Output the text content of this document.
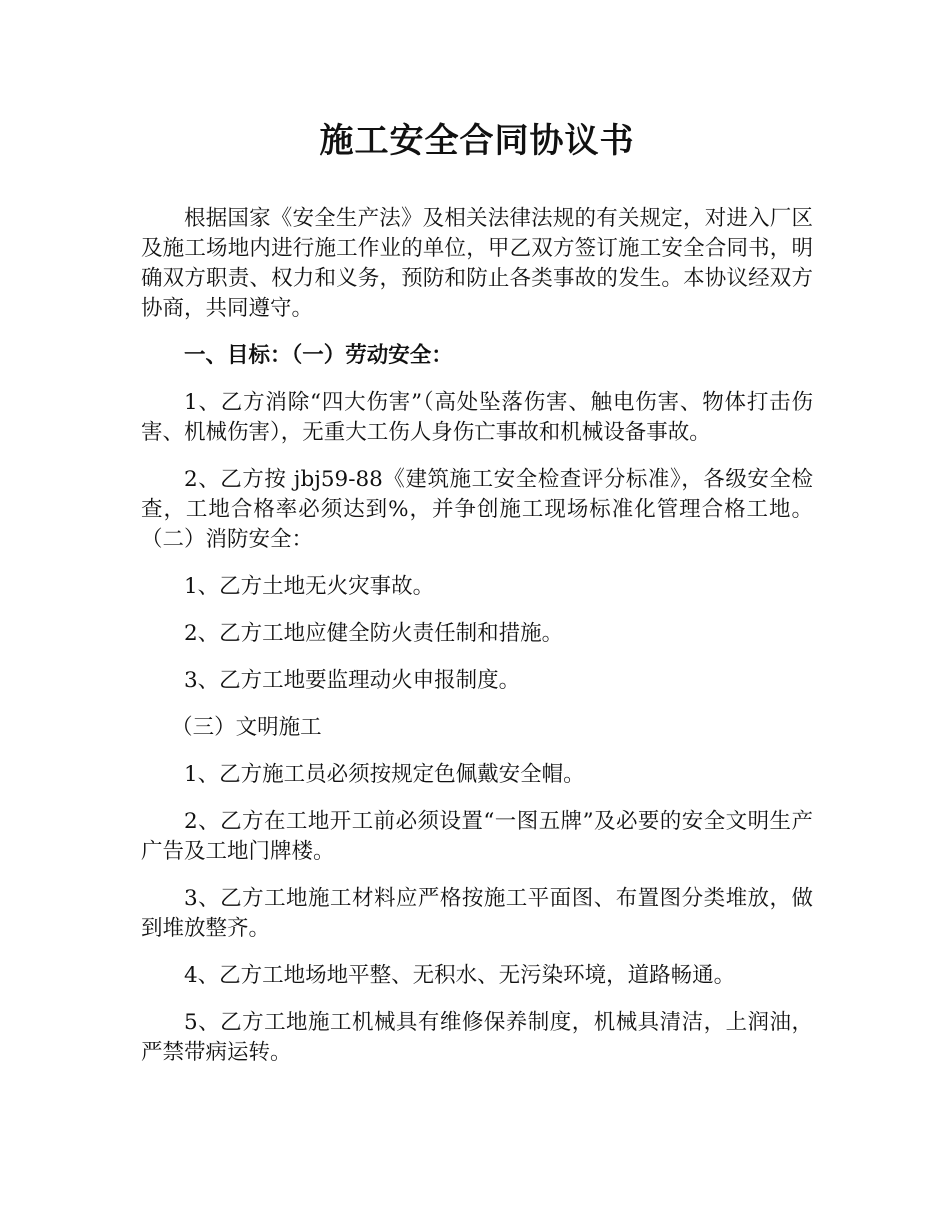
施工安全合同协议书

根据国家《安全生产法》及相关法律法规的有关规定，对进入厂区及施工场地内进行施工作业的单位，甲乙双方签订施工安全合同书，明确双方职责、权力和义务，预防和防止各类事故的发生。本协议经双方协商，共同遵守。

一、目标：（一）劳动安全：

1、乙方消除“四大伤害”（高处坠落伤害、触电伤害、物体打击伤害、机械伤害），无重大工伤人身伤亡事故和机械设备事故。

2、乙方按 jbj59-88《建筑施工安全检查评分标准》，各级安全检查，工地合格率必须达到%，并争创施工现场标准化管理合格工地。（二）消防安全：

1、乙方土地无火灾事故。

2、乙方工地应健全防火责任制和措施。

3、乙方工地要监理动火申报制度。

（三）文明施工

1、乙方施工员必须按规定色佩戴安全帽。

2、乙方在工地开工前必须设置“一图五牌”及必要的安全文明生产广告及工地门牌楼。

3、乙方工地施工材料应严格按施工平面图、布置图分类堆放，做到堆放整齐。

4、乙方工地场地平整、无积水、无污染环境，道路畅通。

5、乙方工地施工机械具有维修保养制度，机械具清洁，上润油，严禁带病运转。
